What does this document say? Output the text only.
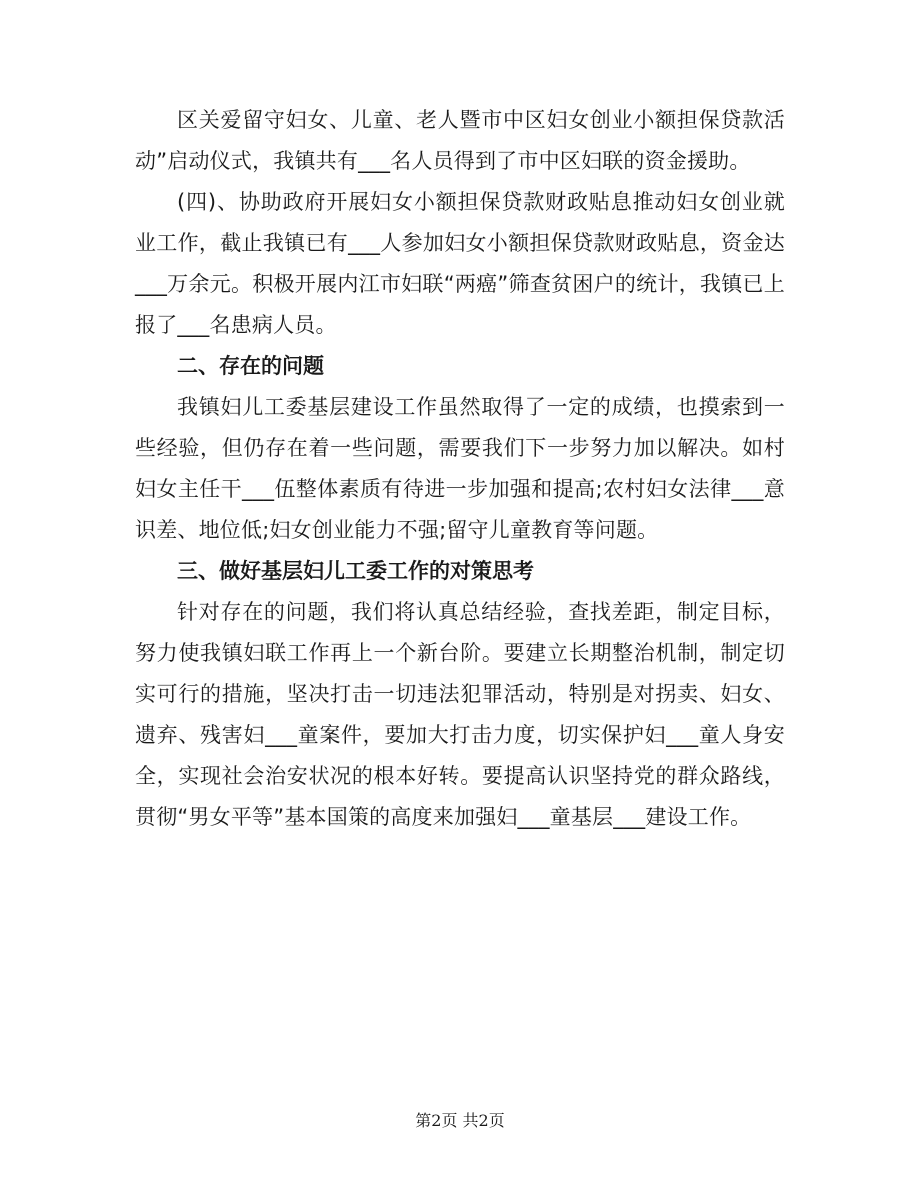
区关爱留守妇女、儿童、老人暨市中区妇女创业小额担保贷款活动”启动仪式，我镇共有___名人员得到了市中区妇联的资金援助。

(四)、协助政府开展妇女小额担保贷款财政贴息推动妇女创业就业工作，截止我镇已有___人参加妇女小额担保贷款财政贴息，资金达___万余元。积极开展内江市妇联“两癌”筛查贫困户的统计，我镇已上报了___名患病人员。

二、存在的问题

我镇妇儿工委基层建设工作虽然取得了一定的成绩，也摸索到一些经验，但仍存在着一些问题，需要我们下一步努力加以解决。如村妇女主任干___伍整体素质有待进一步加强和提高;农村妇女法律___意识差、地位低;妇女创业能力不强;留守儿童教育等问题。

三、做好基层妇儿工委工作的对策思考

针对存在的问题，我们将认真总结经验，查找差距，制定目标，努力使我镇妇联工作再上一个新台阶。要建立长期整治机制，制定切实可行的措施，坚决打击一切违法犯罪活动，特别是对拐卖、妇女、遗弃、残害妇___童案件，要加大打击力度，切实保护妇___童人身安全，实现社会治安状况的根本好转。要提高认识坚持党的群众路线，贯彻“男女平等”基本国策的高度来加强妇___童基层___建设工作。

第2页 共2页
